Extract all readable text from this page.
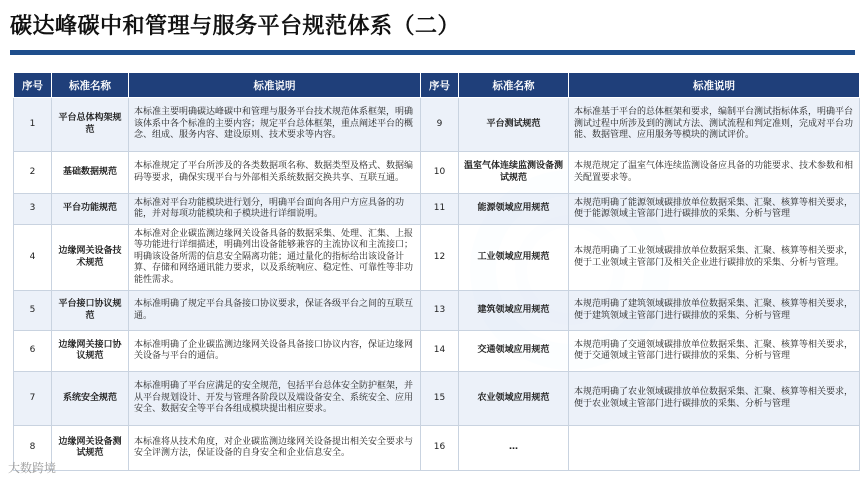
碳达峰碳中和管理与服务平台规范体系（二）
序号	标准名称	标准说明	序号	标准名称	标准说明
1	平台总体构架规范	本标准主要明确碳达峰碳中和管理与服务平台技术规范体系框架，明确该体系中各个标准的主要内容；规定平台总体框架，重点阐述平台的概念、组成、服务内容、建设原则、技术要求等内容。	9	平台测试规范	本标准基于平台的总体框架和要求，编制平台测试指标体系，明确平台测试过程中所涉及到的测试方法、测试流程和判定准则，完成对平台功能、数据管理、应用服务等模块的测试评价。
2	基础数据规范	本标准规定了平台所涉及的各类数据项名称、数据类型及格式、数据编码等要求，确保实现平台与外部相关系统数据交换共享、互联互通。	10	温室气体连续监测设备测试规范	本规范规定了温室气体连续监测设备应具备的功能要求、技术参数和相关配置要求等。
3	平台功能规范	本标准对平台功能模块进行划分，明确平台面向各用户方应具备的功能，并对每项功能模块和子模块进行详细说明。	11	能源领域应用规范	本规范明确了能源领域碳排放单位数据采集、汇聚、核算等相关要求，便于能源领域主管部门进行碳排放的采集、分析与管理
4	边缘网关设备技术规范	本标准对企业碳监测边缘网关设备具备的数据采集、处理、汇集、上报等功能进行详细描述，明确列出设备能够兼容的主流协议和主流接口；明确该设备所需的信息安全隔离功能；通过量化的指标给出该设备计算、存储和网络通讯能力要求，以及系统响应、稳定性、可靠性等非功能性需求。	12	工业领域应用规范	本规范明确了工业领域碳排放单位数据采集、汇聚、核算等相关要求，便于工业领域主管部门及相关企业进行碳排放的采集、分析与管理。
5	平台接口协议规范	本标准明确了规定平台具备接口协议要求，保证各级平台之间的互联互通。	13	建筑领域应用规范	本规范明确了建筑领域碳排放单位数据采集、汇聚、核算等相关要求，便于建筑领域主管部门进行碳排放的采集、分析与管理
6	边缘网关接口协议规范	本标准明确了企业碳监测边缘网关设备具备接口协议内容，保证边缘网关设备与平台的通信。	14	交通领域应用规范	本规范明确了交通领域碳排放单位数据采集、汇聚、核算等相关要求，便于交通领域主管部门进行碳排放的采集、分析与管理
7	系统安全规范	本标准明确了平台应满足的安全规范，包括平台总体安全防护框架，并从平台规划设计、开发与管理各阶段以及端设备安全、系统安全、应用安全、数据安全等平台各组成模块提出相应要求。	15	农业领域应用规范	本规范明确了农业领域碳排放单位数据采集、汇聚、核算等相关要求，便于农业领域主管部门进行碳排放的采集、分析与管理
8	边缘网关设备测试规范	本标准将从技术角度，对企业碳监测边缘网关设备提出相关安全要求与安全评测方法，保证设备的自身安全和企业信息安全。	16	…	
大数跨境
